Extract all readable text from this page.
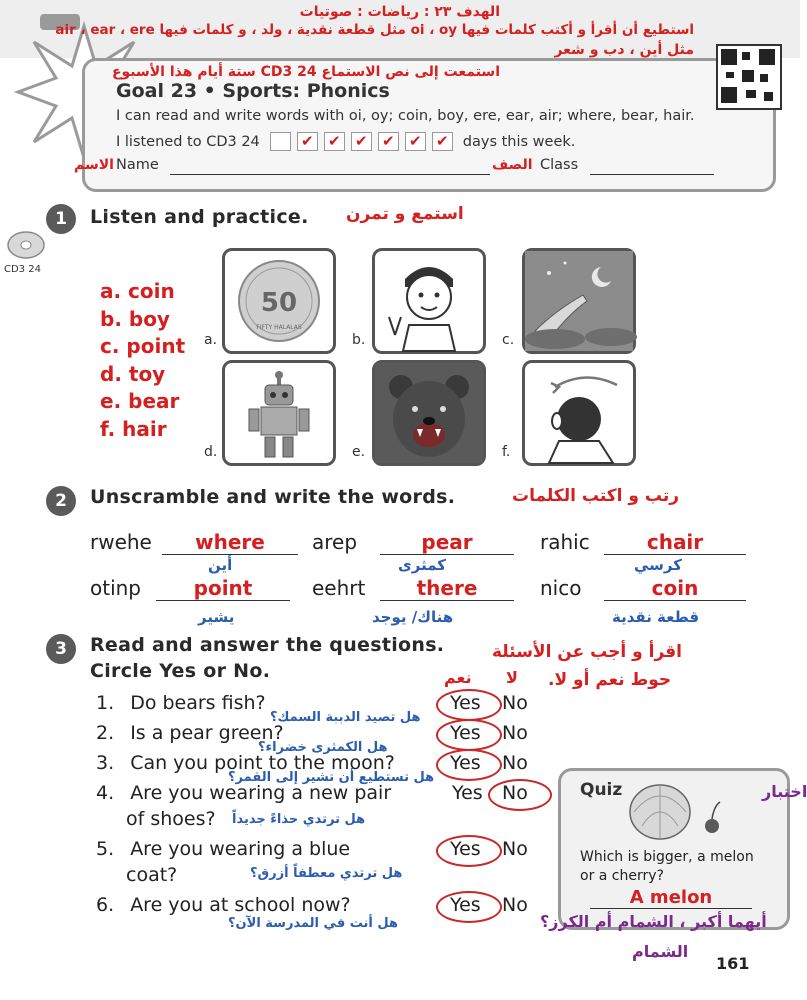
الهدف ٢٣ : رياضات : صوتيات
استطيع أن أقرأ و أكتب كلمات فيها oi ، oy مثل قطعة نقدية ، ولد ، و كلمات فيها air ، ear ، ere
مثل أين ، دب و شعر
استمعت إلى نص الاستماع CD3 24 ستة أيام هذا الأسبوع
Goal 23 • Sports: Phonics
I can read and write words with oi, oy; coin, boy, ere, ear, air; where, bear, hair.
I listened to CD3 24	✔ ✔ ✔ ✔ ✔ ✔ days this week.
الاسم Name	الصف Class
1	Listen and practice. استمع و تمرن
CD3 24
a. coin
b. boy
c. point
d. toy
e. bear
f. hair
50
FIFTY HALALAS
a.	b.	c.
d.	e.	f.
2	Unscramble and write the words.	رتب و اكتب الكلمات
rwehe	where
أين
arep	pear
كمثرى
rahic	chair
كرسي
otinp	point
يشير
eehrt	there
هناك/ يوجد
nico	coin
قطعة نقدية
3	Read and answer the questions.
Circle Yes or No.
اقرأ و أجب عن الأسئلة
حوط نعم أو لا.
نعم لا
1. Do bears fish?
هل تصيد الدببة السمك؟
Yes No
2. Is a pear green?
هل الكمثرى خضراء؟
Yes No
3. Can you point to the moon?
هل تستطيع أن تشير إلى القمر؟
Yes No
4. Are you wearing a new pair
of shoes? هل ترتدي حذاءً جديداً
Yes No
5. Are you wearing a blue
coat?	هل ترتدي معطفاً أزرق؟
Yes No
6. Are you at school now?
هل أنت في المدرسة الآن؟
Yes No
Quiz	اختبار
Which is bigger, a melon or a cherry?
A melon
أيهما أكبر ، الشمام أم الكرز؟
الشمام
161
